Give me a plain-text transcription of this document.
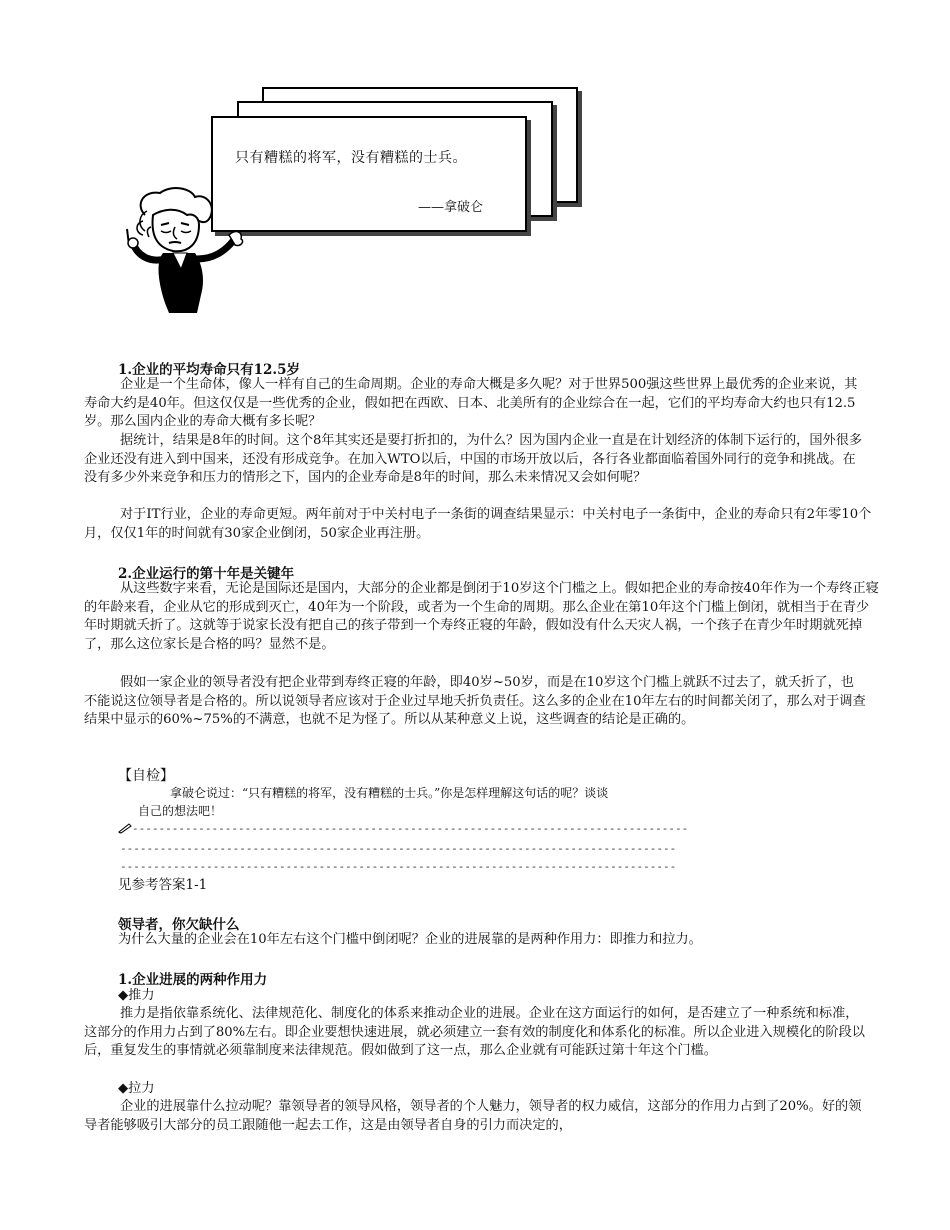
只有糟糕的将军，没有糟糕的士兵。
——拿破仑
1.企业的平均寿命只有12.5岁
企业是一个生命体，像人一样有自己的生命周期。企业的寿命大概是多久呢？对于世界500强这些世界上最优秀的企业来说，其寿命大约是40年。但这仅仅是一些优秀的企业，假如把在西欧、日本、北美所有的企业综合在一起，它们的平均寿命大约也只有12.5岁。那么国内企业的寿命大概有多长呢？
据统计，结果是8年的时间。这个8年其实还是要打折扣的，为什么？因为国内企业一直是在计划经济的体制下运行的，国外很多企业还没有进入到中国来，还没有形成竞争。在加入WTO以后，中国的市场开放以后，各行各业都面临着国外同行的竞争和挑战。在没有多少外来竞争和压力的情形之下，国内的企业寿命是8年的时间，那么未来情况又会如何呢？
对于IT行业，企业的寿命更短。两年前对于中关村电子一条街的调查结果显示：中关村电子一条街中，企业的寿命只有2年零10个月，仅仅1年的时间就有30家企业倒闭，50家企业再注册。
2.企业运行的第十年是关键年
从这些数字来看，无论是国际还是国内，大部分的企业都是倒闭于10岁这个门槛之上。假如把企业的寿命按40年作为一个寿终正寝的年龄来看，企业从它的形成到灭亡，40年为一个阶段，或者为一个生命的周期。那么企业在第10年这个门槛上倒闭，就相当于在青少年时期就夭折了。这就等于说家长没有把自己的孩子带到一个寿终正寝的年龄，假如没有什么天灾人祸，一个孩子在青少年时期就死掉了，那么这位家长是合格的吗？显然不是。
假如一家企业的领导者没有把企业带到寿终正寝的年龄，即40岁~50岁，而是在10岁这个门槛上就跃不过去了，就夭折了，也不能说这位领导者是合格的。所以说领导者应该对于企业过早地夭折负责任。这么多的企业在10年左右的时间都关闭了，那么对于调查结果中显示的60%~75%的不满意，也就不足为怪了。所以从某种意义上说，这些调查的结论是正确的。
【自检】
拿破仑说过：“只有糟糕的将军，没有糟糕的士兵。”你是怎样理解这句话的呢？谈谈
自己的想法吧！
------------------------------------------------------------------------------------
------------------------------------------------------------------------------------
------------------------------------------------------------------------------------
见参考答案1-1
领导者，你欠缺什么
为什么大量的企业会在10年左右这个门槛中倒闭呢？企业的进展靠的是两种作用力：即推力和拉力。
1.企业进展的两种作用力
◆推力
推力是指依靠系统化、法律规范化、制度化的体系来推动企业的进展。企业在这方面运行的如何，是否建立了一种系统和标准，这部分的作用力占到了80%左右。即企业要想快速进展，就必须建立一套有效的制度化和体系化的标准。所以企业进入规模化的阶段以后，重复发生的事情就必须靠制度来法律规范。假如做到了这一点，那么企业就有可能跃过第十年这个门槛。
◆拉力
企业的进展靠什么拉动呢？靠领导者的领导风格，领导者的个人魅力，领导者的权力威信，这部分的作用力占到了20%。好的领导者能够吸引大部分的员工跟随他一起去工作，这是由领导者自身的引力而决定的，
